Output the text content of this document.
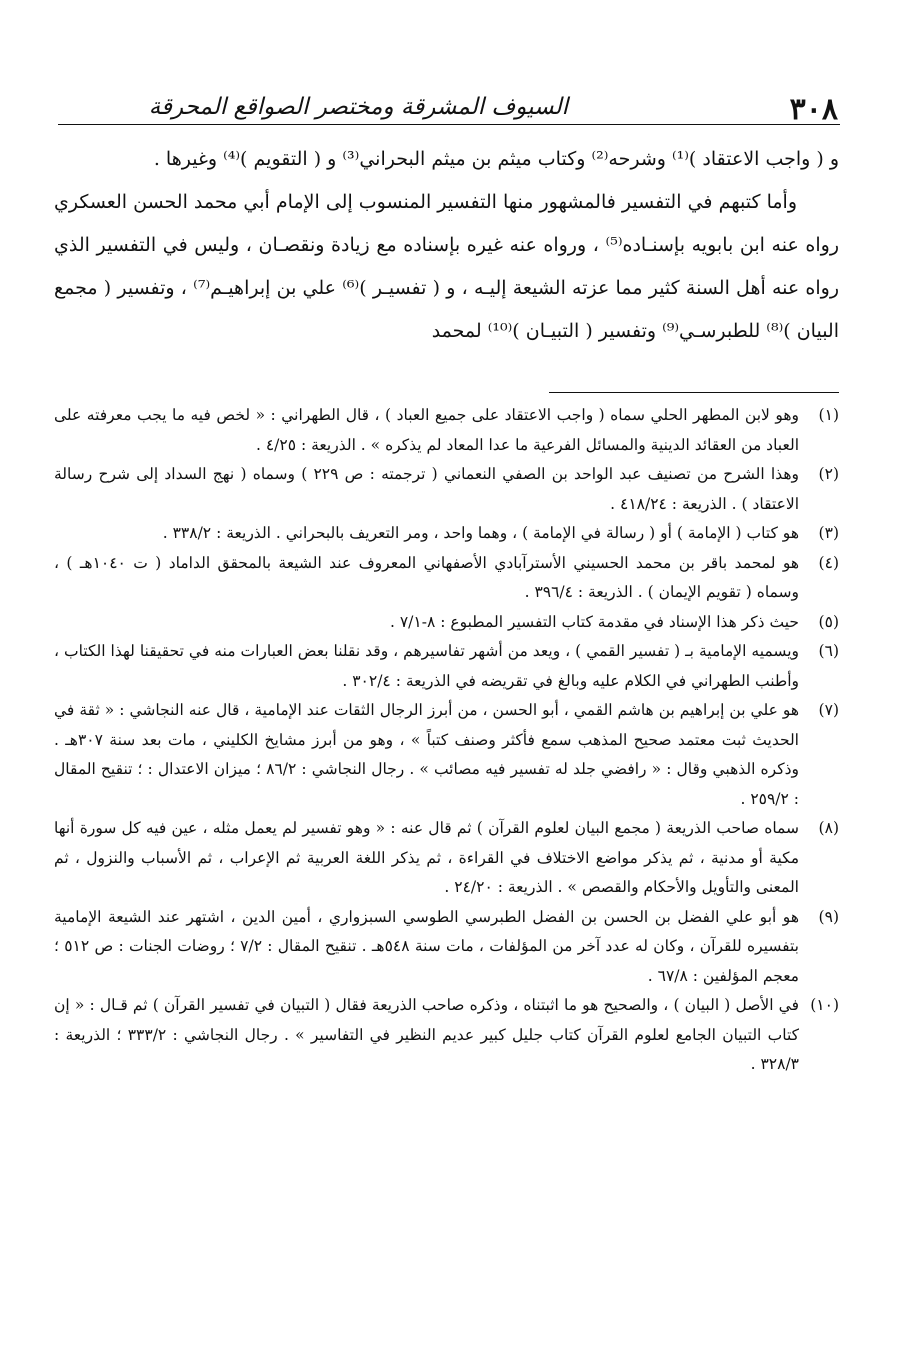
٣٠٨
السيوف المشرقة ومختصر الصواقع المحرقة

و ( واجب الاعتقاد )⁽¹⁾ وشرحه⁽²⁾ وكتاب ميثم بن ميثم البحراني⁽³⁾ و ( التقويم )⁽⁴⁾ وغيرها .

وأما كتبهم في التفسير فالمشهور منها التفسير المنسوب إلى الإمام أبي محمد الحسن العسكري رواه عنه ابن بابويه بإسنـاده⁽⁵⁾ ، ورواه عنه غيره بإسناده مع زيادة ونقصـان ، وليس في التفسير الذي رواه عنه أهل السنة كثير مما عزته الشيعة إليـه ، و ( تفسيـر )⁽⁶⁾ علي بن إبراهيـم⁽⁷⁾ ، وتفسير ( مجمع البيان )⁽⁸⁾ للطبرسـي⁽⁹⁾ وتفسير ( التبيـان )⁽¹⁰⁾ لمحمد

(١)
وهو لابن المطهر الحلي سماه ( واجب الاعتقاد على جميع العباد ) ، قال الطهراني : « لخص فيه ما يجب معرفته على العباد من العقائد الدينية والمسائل الفرعية ما عدا المعاد لم يذكره » . الذريعة : ٤/٢٥ .
(٢)
وهذا الشرح من تصنيف عبد الواحد بن الصفي النعماني ( ترجمته : ص ٢٢٩ ) وسماه ( نهج السداد إلى شرح رسالة الاعتقاد ) . الذريعة : ٤١٨/٢٤ .
(٣)
هو كتاب ( الإمامة ) أو ( رسالة في الإمامة ) ، وهما واحد ، ومر التعريف بالبحراني . الذريعة : ٣٣٨/٢ .
(٤)
هو لمحمد باقر بن محمد الحسيني الأسترآبادي الأصفهاني المعروف عند الشيعة بالمحقق الداماد ( ت ١٠٤٠هـ ) ، وسماه ( تقويم الإيمان ) . الذريعة : ٣٩٦/٤ .
(٥)
حيث ذكر هذا الإسناد في مقدمة كتاب التفسير المطبوع : ٨-٧/١ .
(٦)
ويسميه الإمامية بـ ( تفسير القمي ) ، ويعد من أشهر تفاسيرهم ، وقد نقلنا بعض العبارات منه في تحقيقنا لهذا الكتاب ، وأطنب الطهراني في الكلام عليه وبالغ في تقريضه في الذريعة : ٣٠٢/٤ .
(٧)
هو علي بن إبراهيم بن هاشم القمي ، أبو الحسن ، من أبرز الرجال الثقات عند الإمامية ، قال عنه النجاشي : « ثقة في الحديث ثبت معتمد صحيح المذهب سمع فأكثر وصنف كتباً » ، وهو من أبرز مشايخ الكليني ، مات بعد سنة ٣٠٧هـ . وذكره الذهبي وقال : « رافضي جلد له تفسير فيه مصائب » . رجال النجاشي : ٨٦/٢ ؛ ميزان الاعتدال : ؛ تنقيح المقال : ٢٥٩/٢ .
(٨)
سماه صاحب الذريعة ( مجمع البيان لعلوم القرآن ) ثم قال عنه : « وهو تفسير لم يعمل مثله ، عين فيه كل سورة أنها مكية أو مدنية ، ثم يذكر مواضع الاختلاف في القراءة ، ثم يذكر اللغة العربية ثم الإعراب ، ثم الأسباب والنزول ، ثم المعنى والتأويل والأحكام والقصص » . الذريعة : ٢٤/٢٠ .
(٩)
هو أبو علي الفضل بن الحسن بن الفضل الطبرسي الطوسي السبزواري ، أمين الدين ، اشتهر عند الشيعة الإمامية بتفسيره للقرآن ، وكان له عدد آخر من المؤلفات ، مات سنة ٥٤٨هـ . تنقيح المقال : ٧/٢ ؛ روضات الجنات : ص ٥١٢ ؛ معجم المؤلفين : ٦٧/٨ .
(١٠)
في الأصل ( البيان ) ، والصحيح هو ما اثبتناه ، وذكره صاحب الذريعة فقال ( التبيان في تفسير القرآن ) ثم قـال : « إن كتاب التبيان الجامع لعلوم القرآن كتاب جليل كبير عديم النظير في التفاسير » . رجال النجاشي : ٣٣٣/٢ ؛ الذريعة : ٣٢٨/٣ .
